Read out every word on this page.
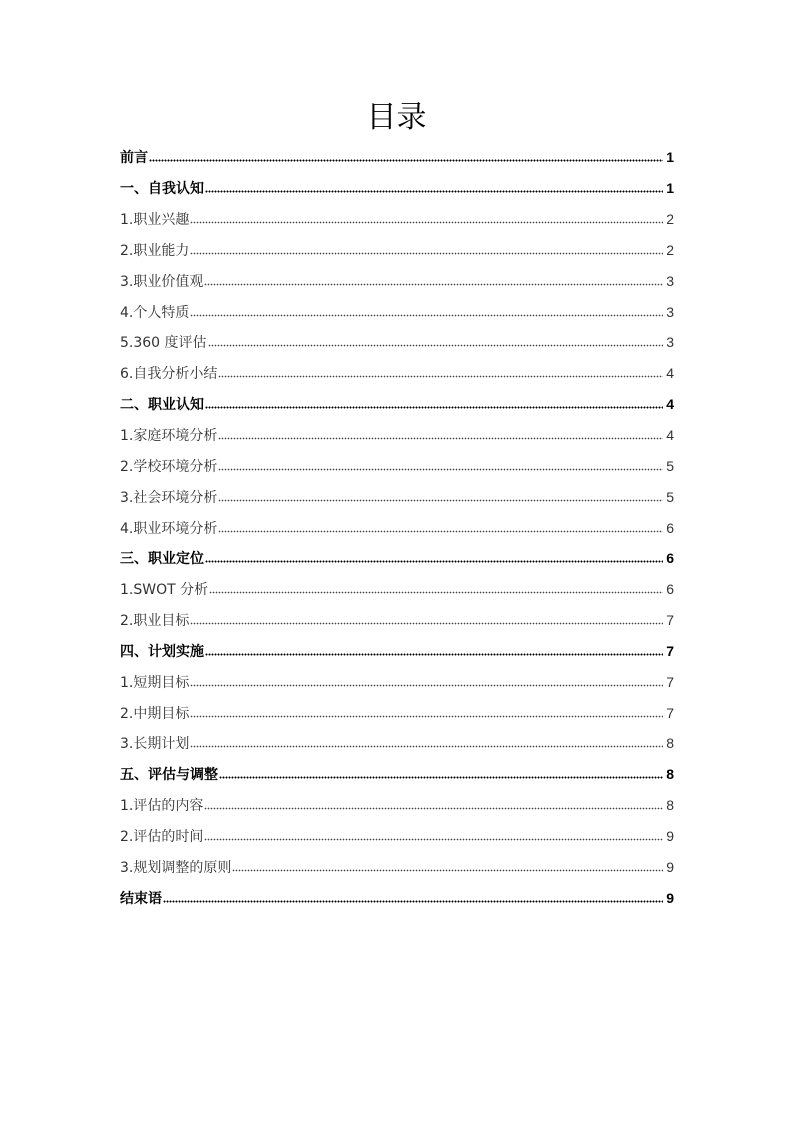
目录
前言	1
一、自我认知	1
1.职业兴趣	2
2.职业能力	2
3.职业价值观	3
4.个人特质	3
5.360 度评估	3
6.自我分析小结	4
二、职业认知	4
1.家庭环境分析	4
2.学校环境分析	5
3.社会环境分析	5
4.职业环境分析	6
三、职业定位	6
1.SWOT 分析	6
2.职业目标	7
四、计划实施	7
1.短期目标	7
2.中期目标	7
3.长期计划	8
五、评估与调整	8
1.评估的内容	8
2.评估的时间	9
3.规划调整的原则	9
结束语	9
